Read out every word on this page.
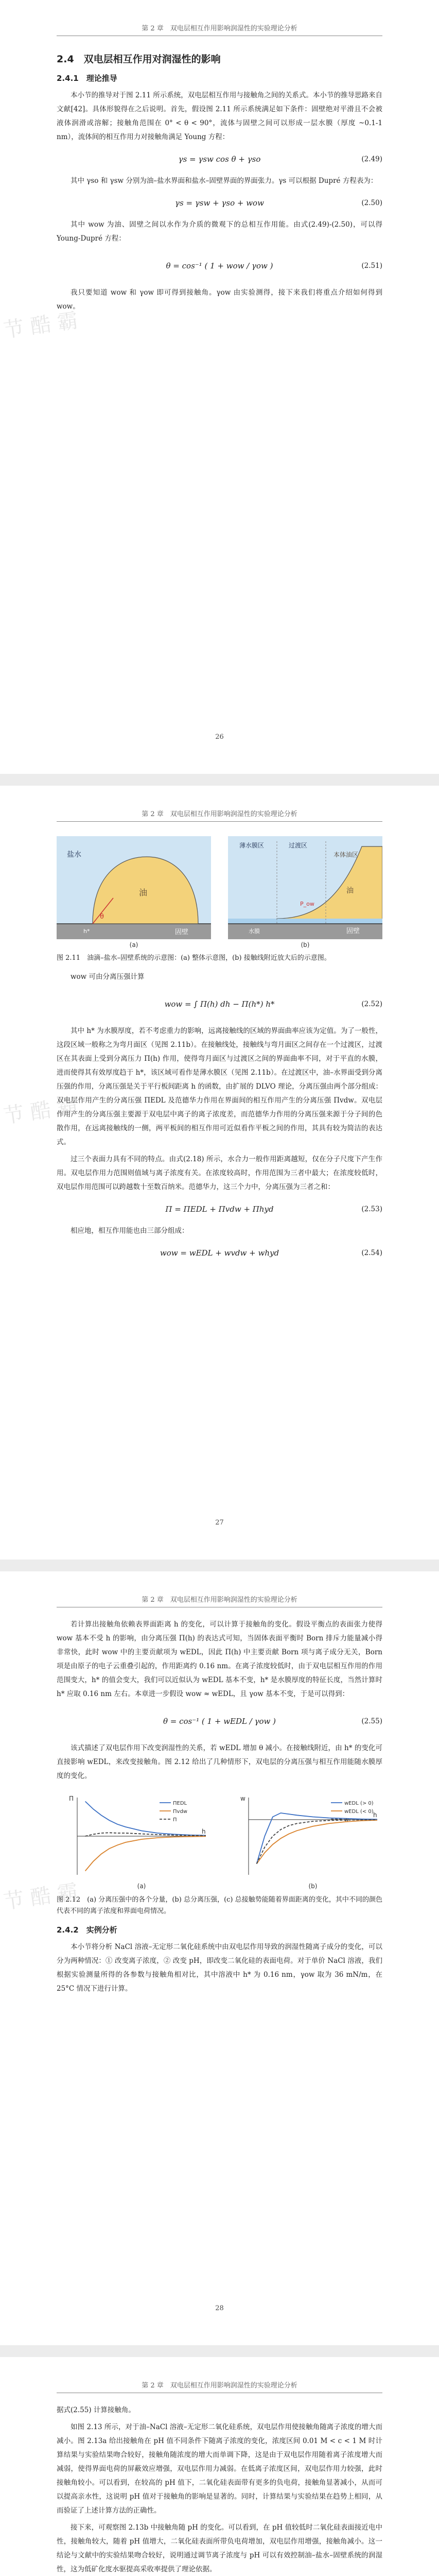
第 2 章　双电层相互作用影响润湿性的实验理论分析
节 酷 霸
2.4　双电层相互作用对润湿性的影响
2.4.1　理论推导

本小节的推导对于图 2.11 所示系统，双电层相互作用与接触角之间的关系式。本小节的推导思路来自文献[42]。具体形貌得在之后说明。首先，假设图 2.11 所示系统满足如下条件：固壁绝对平滑且不会被液体润滑或溶解；接触角范围在 0° < θ < 90°，流体与固壁之间可以形成一层水膜（厚度 ~0.1-1 nm），流体间的相互作用力对接触角满足 Young 方程：

γs = γsw cos θ + γso	(2.49)

其中 γso 和 γsw 分别为油–盐水界面和盐水–固壁界面的界面张力。γs 可以根据 Dupré 方程表为：

γs = γsw + γso + wow	(2.50)

其中 wow 为油、固壁之间以水作为介质的微观下的总相互作用能。由式(2.49)-(2.50)，可以得 Young-Dupré 方程：

θ = cos⁻¹ ( 1 + wow / γow )	(2.51)

我只要知道 wow 和 γow 即可得到接触角。γow 由实验测得，接下来我们将重点介绍如何得到 wow。

26
第 2 章　双电层相互作用影响润湿性的实验理论分析
节 酷 霸
盐水
油
固壁
θ
h*
(a)
薄水膜区	过渡区
本体油区
油
P_ow
水膜	固壁
(b)
图 2.11　油滴–盐水–固壁系统的示意图：(a) 整体示意图，(b) 接触线附近放大后的示意图。

wow 可由分离压强计算

wow = ∫ Π(h) dh − Π(h*) h*	(2.52)

其中 h* 为水膜厚度，若不考虑重力的影响，远离接触线的区域的界面曲率应该为定值。为了一般性，这段区域一般称之为弯月面区（见图 2.11b）。在接触线处，接触线与弯月面区之间存在一个过渡区，过渡区在其表面上受到分离压力 Π(h) 作用，使得弯月面区与过渡区之间的界面曲率不同，对于平直的水膜，进而使得其有效厚度趋于 h*，该区域可看作是薄水膜区（见图 2.11b）。在过渡区中，油–水界面受到分离压强的作用，分离压强是关于平行板间距离 h 的函数，由扩展的 DLVO 理论，分离压强由两个部分组成：双电层作用产生的分离压强 ΠEDL 及范德华力作用在界面间的相互作用产生的分离压强 Πvdw。双电层作用产生的分离压强主要源于双电层中离子的离子浓度差，而范德华力作用的分离压强来源于分子间的色散作用，在远离接触线的一侧，两平板间的相互作用可近似看作平板之间的作用，其具有较为简洁的表达式。

过三个表面力具有不同的特点。由式(2.18) 所示，水合力一般作用距离越短，仅在分子尺度下产生作用。双电层作用力范围则值域与离子浓度有关。在浓度较高时，作用范围为三者中最大；在浓度较低时，双电层作用范围可以跨越数十至数百纳米。范德华力，这三个力中，分离压强为三者之和：

Π = ΠEDL + Πvdw + Πhyd	(2.53)

相应地，相互作用能也由三部分组成：

wow = wEDL + wvdw + whyd	(2.54)
27
第 2 章　双电层相互作用影响润湿性的实验理论分析
节 酷 霸

若计算出接触角依赖表界面距离 h 的变化，可以计算于接触角的变化。假设平衡点的表面张力使得 wow 基本不受 h 的影响，由分离压强 Π(h) 的表达式可知，当固体表面平衡时 Born 排斥力能量减小得非常快，此时 wow 中的主要贡献项为 wEDL，因此 Π(h) 中主要贡献 Born 项与离子成分无关，Born 项是由原子的电子云重叠引起的，作用距离约 0.16 nm。在离子浓度较低时，由于双电层相互作用的作用范围变大，h* 的值会变大，我们可以近似认为 wEDL 基本不变，h* 是水膜厚度的特征长度，当然计算时 h* 应取 0.16 nm 左右。本章进一步假设 wow ≈ wEDL，且 γow 基本不变，于是可以得到：

θ = cos⁻¹ ( 1 + wEDL / γow )	(2.55)

该式描述了双电层作用下改变润湿性的关系，若 wEDL 增加 θ 减小。在接触线附近，由 h* 的变化可直接影响 wEDL，来改变接触角。图 2.12 给出了几种情形下，双电层的分离压强与相互作用能随水膜厚度的变化。

h
Π
(a)
ΠEDL
Πvdw
Π
h
w
(b)
wEDL (> 0)
wEDL (< 0)
w
图 2.12　(a) 分离压强中的各个分量，(b) 总分离压强，(c) 总接触势能随着界面距离的变化，其中不同的颜色代表不同的离子浓度和界面电荷情况。
2.4.2　实例分析

本小节将分析 NaCl 溶液–无定形二氧化硅系统中由双电层作用导致的润湿性随离子成分的变化，可以分为两种情况：① 改变离子浓度，② 改变 pH，即改变二氧化硅的表面电荷。对于单价 NaCl 溶液，我们根据实验测量所得的各参数与接触角相对比，其中溶液中 h* 为 0.16 nm，γow 取为 36 mN/m，在 25°C 情况下进行计算。

28
第 2 章　双电层相互作用影响润湿性的实验理论分析

据式(2.55) 计算接触角。

如图 2.13 所示，对于油–NaCl 溶液–无定形二氧化硅系统，双电层作用使接触角随离子浓度的增大而减小。图 2.13a 给出接触角在 pH 值不同条件下随离子浓度的变化，浓度区间 0.01 M < c < 1 M 时计算结果与实验结果吻合较好，接触角随浓度的增大而单调下降，这是由于双电层作用随着离子浓度增大而减弱，使得界面电荷的屏蔽效应增强，双电层作用力减弱。在低离子浓度区间，双电层作用力较强，此时接触角较小。可以看到，在较高的 pH 值下，二氧化硅表面带有更多的负电荷，接触角显著减小，从而可以提高亲水性，这说明 pH 值对于接触角的影响是显著的。同时，计算结果与实验结果在趋势上相同，从而验证了上述计算方法的正确性。

接下来，可观察图 2.13b 中接触角随 pH 的变化。可以看到，在 pH 值较低时二氧化硅表面接近电中性，接触角较大，随着 pH 值增大，二氧化硅表面所带负电荷增加，双电层作用增强，接触角减小。这一结论与文献中的实验结果吻合较好，说明通过调节离子浓度与 pH 可以有效控制油–盐水–固壁系统的润湿性，这为低矿化度水驱提高采收率提供了理论依据。
